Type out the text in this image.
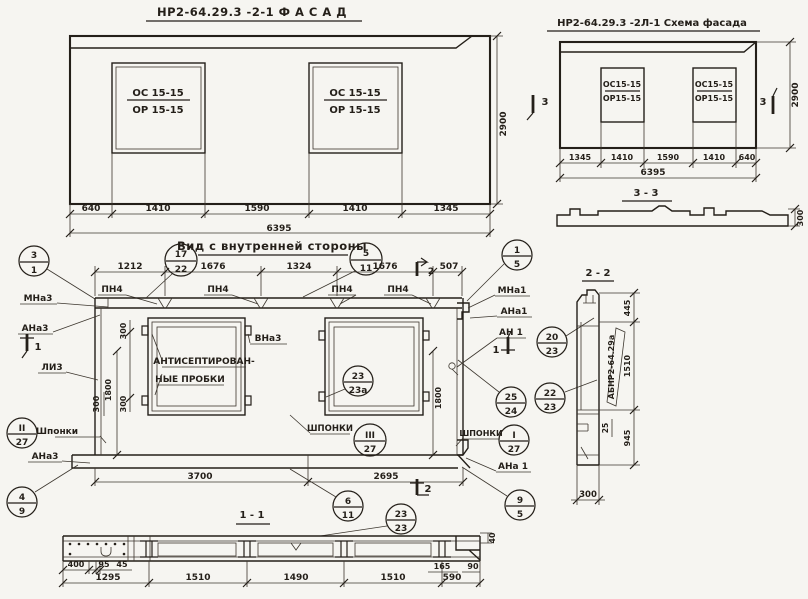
НР2-64.29.3 -2-1 Ф А С А Д
ОС 15-15
ОР 15-15
ОС 15-15
ОР 15-15
640	1410	1590	1410	1345
6395
2900
НР2-64.29.3 -2Л-1 Схема фасада
ОС15-15
ОР15-15
ОС15-15
ОР15-15
3	3
1345 1410	1590	1410 640
6395
2900
3 - 3
300
Вид с внутренней стороны
1212	1676	1324	1676	507
2
ПН4	ПН4	ПН4	ПН4
АНТИСЕПТИРОВАН-
НЫЕ ПРОБКИ
300
300
1800
300	1800
МНа3
АНа3
ЛИ3
1
Шпонки
АНа3
ВНа3
ШПОНКИ
МНа1
АНа1
АН 1
1
ШПОНКИ
АНа 1
3700	2695
2
3
1
17
22
5
11
1
5
20
23
22
23
25
24
23
23а
II
27
III
27
I
27
4
9
9
5
6
11	23
23
2 - 2
АБНР2-64.29а
445
1510
945
25
300
1 - 1
40
400 95 45
1295	1510	1490	1510	590
165 90
